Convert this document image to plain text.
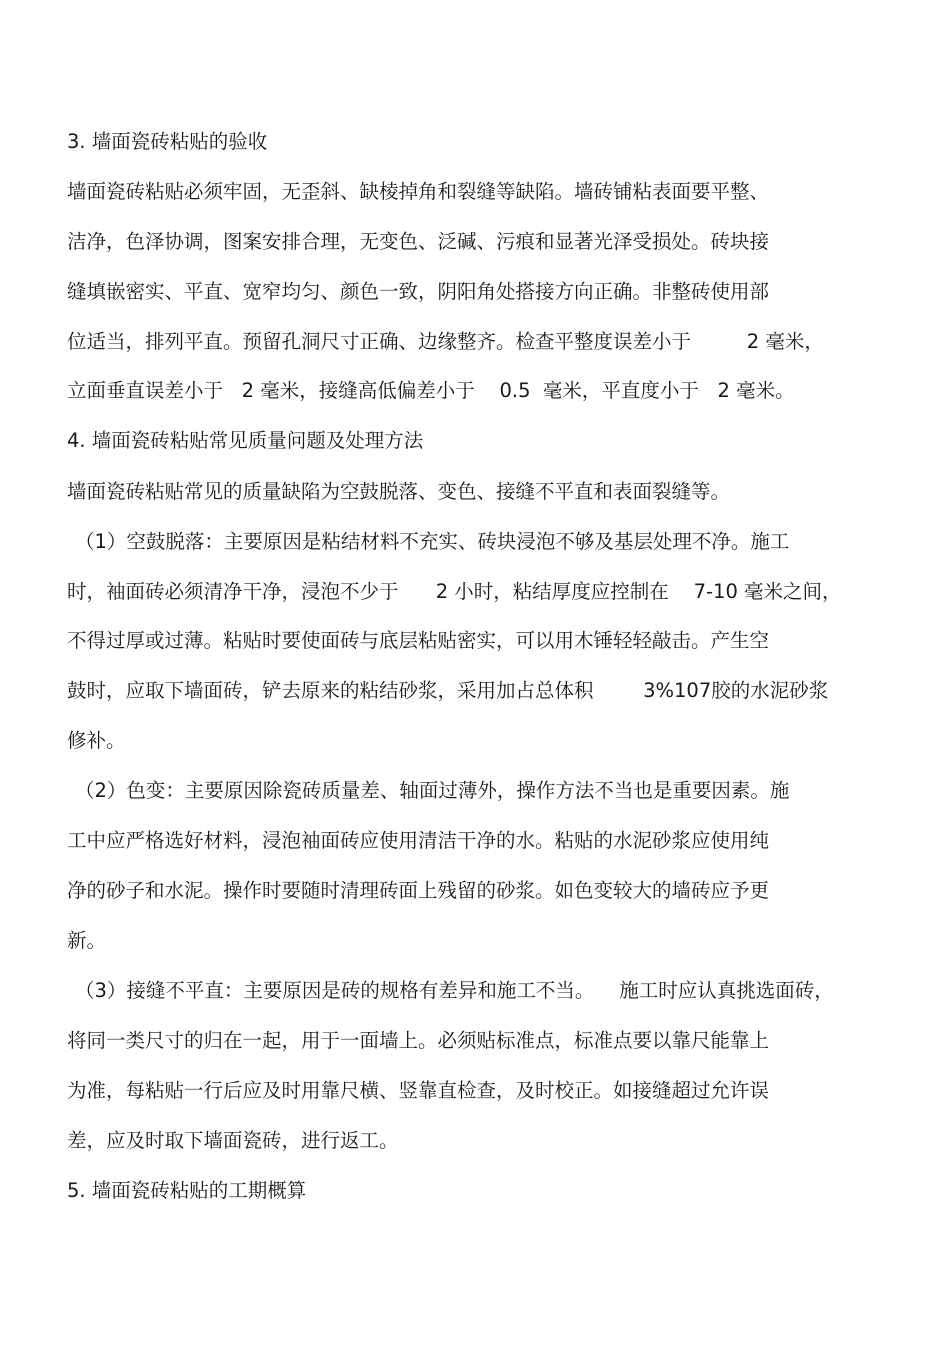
3. 墙面瓷砖粘贴的验收
墙面瓷砖粘贴必须牢固，无歪斜、缺棱掉角和裂缝等缺陷。墙砖铺粘表面要平整、
洁净，色泽协调，图案安排合理，无变色、泛碱、污痕和显著光泽受损处。砖块接
缝填嵌密实、平直、宽窄均匀、颜色一致，阴阳角处搭接方向正确。非整砖使用部
位适当，排列平直。预留孔洞尺寸正确、边缘整齐。检查平整度误差小于         2 毫米，
立面垂直误差小于   2 毫米，接缝高低偏差小于    0.5  毫米，平直度小于   2 毫米。
4. 墙面瓷砖粘贴常见质量问题及处理方法
墙面瓷砖粘贴常见的质量缺陷为空鼓脱落、变色、接缝不平直和表面裂缝等。
（1）空鼓脱落：主要原因是粘结材料不充实、砖块浸泡不够及基层处理不净。施工
时，袖面砖必须清净干净，浸泡不少于      2 小时，粘结厚度应控制在    7-10 毫米之间，
不得过厚或过薄。粘贴时要使面砖与底层粘贴密实，可以用木锤轻轻敲击。产生空
鼓时，应取下墙面砖，铲去原来的粘结砂浆，采用加占总体积        3%107胶的水泥砂浆
修补。
（2）色变：主要原因除瓷砖质量差、轴面过薄外，操作方法不当也是重要因素。施
工中应严格选好材料，浸泡袖面砖应使用清洁干净的水。粘贴的水泥砂浆应使用纯
净的砂子和水泥。操作时要随时清理砖面上残留的砂浆。如色变较大的墙砖应予更
新。
（3）接缝不平直：主要原因是砖的规格有差异和施工不当。    施工时应认真挑选面砖，
将同一类尺寸的归在一起，用于一面墙上。必须贴标准点，标准点要以靠尺能靠上
为准，每粘贴一行后应及时用靠尺横、竖靠直检查，及时校正。如接缝超过允许误
差，应及时取下墙面瓷砖，进行返工。
5. 墙面瓷砖粘贴的工期概算
